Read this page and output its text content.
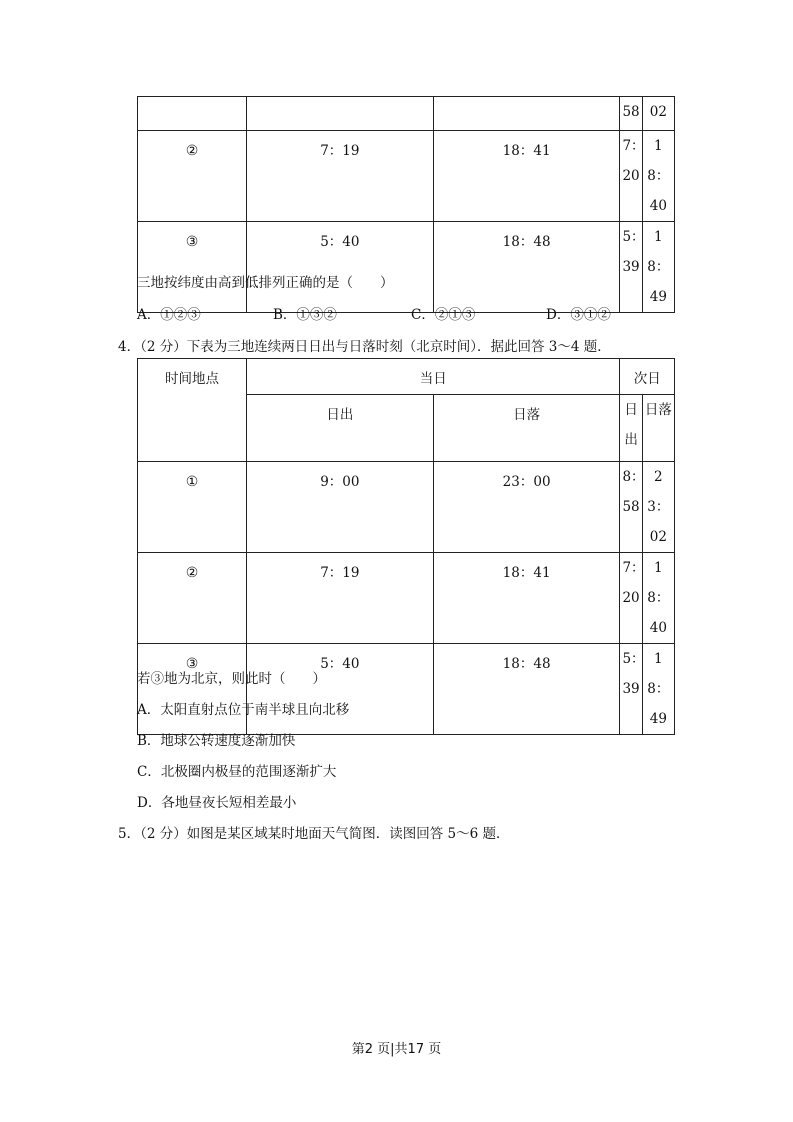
			58	02
②	7：19	18：41	7：20	18：40
③	5：40	18：48	5：39	18：49
三地按纬度由高到低排列正确的是（　　）
A．①②③	B．①③②	C．②①③	D．③①②
4．（2 分）下表为三地连续两日日出与日落时刻（北京时间）．据此回答 3～4 题．
时间地点	当日		次日	
	日出	日落	日出	日落
①	9：00	23：00	8：58	23：02
②	7：19	18：41	7：20	18：40
③	5：40	18：48	5：39	18：49
若③地为北京，则此时（　　）
A．太阳直射点位于南半球且向北移
B．地球公转速度逐渐加快
C．北极圈内极昼的范围逐渐扩大
D．各地昼夜长短相差最小
5．（2 分）如图是某区域某时地面天气简图．读图回答 5～6 题．
第2 页|共17 页
